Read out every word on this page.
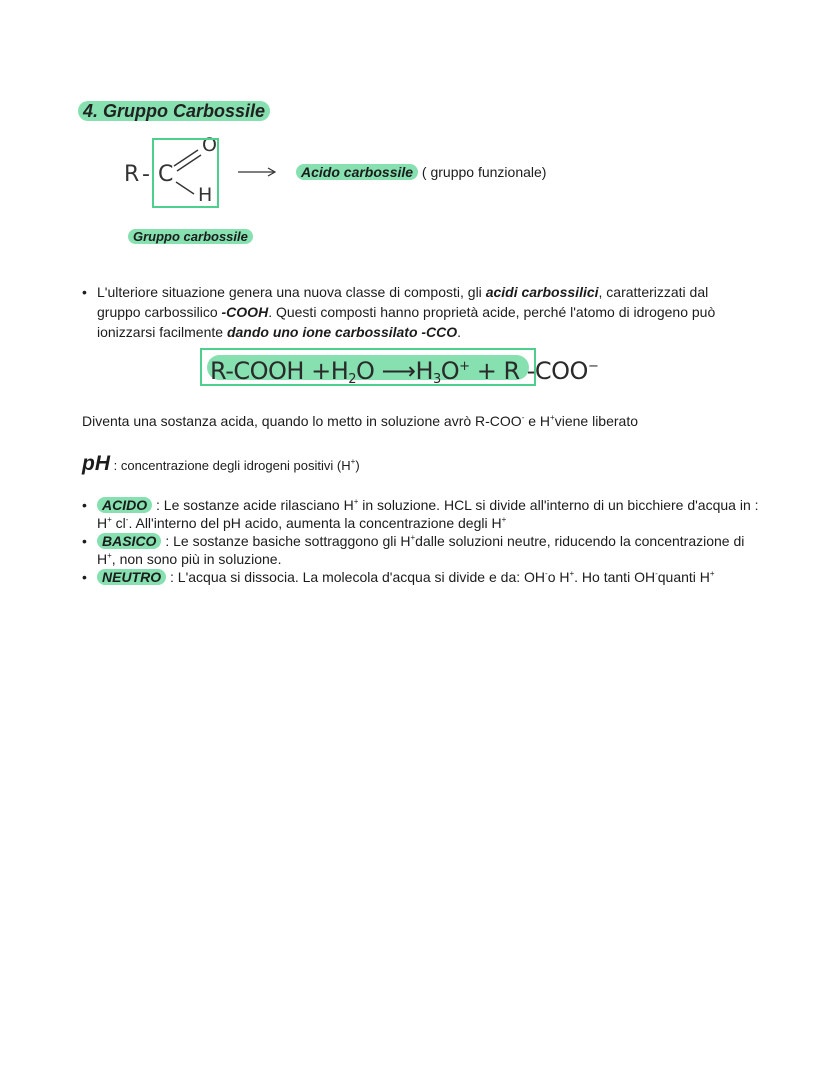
4. Gruppo Carbossile
R - C
O
H
Acido carbossile ( gruppo funzionale)
Gruppo carbossile
• L'ulteriore situazione genera una nuova classe di composti, gli acidi carbossilici, caratterizzati dal gruppo carbossilico -COOH. Questi composti hanno proprietà acide, perché l'atomo di idrogeno può ionizzarsi facilmente dando uno ione carbossilato -CCO.
R-COOH $+H_2O$ $⟶H_3O^+ + R$ -COO−
Diventa una sostanza acida, quando lo metto in soluzione avrò R-COO- e H+viene liberato
pH : concentrazione degli idrogeni positivi (H+)
• ACIDO : Le sostanze acide rilasciano H+ in soluzione. HCL si divide all'interno di un bicchiere d'acqua in : H+ cl-. All'interno del pH acido, aumenta la concentrazione degli H+
• BASICO : Le sostanze basiche sottraggono gli H+dalle soluzioni neutre, riducendo la concentrazione di H+, non sono più in soluzione.
• NEUTRO : L'acqua si dissocia. La molecola d'acqua si divide e da: OH-o H+. Ho tanti OH-quanti H+
